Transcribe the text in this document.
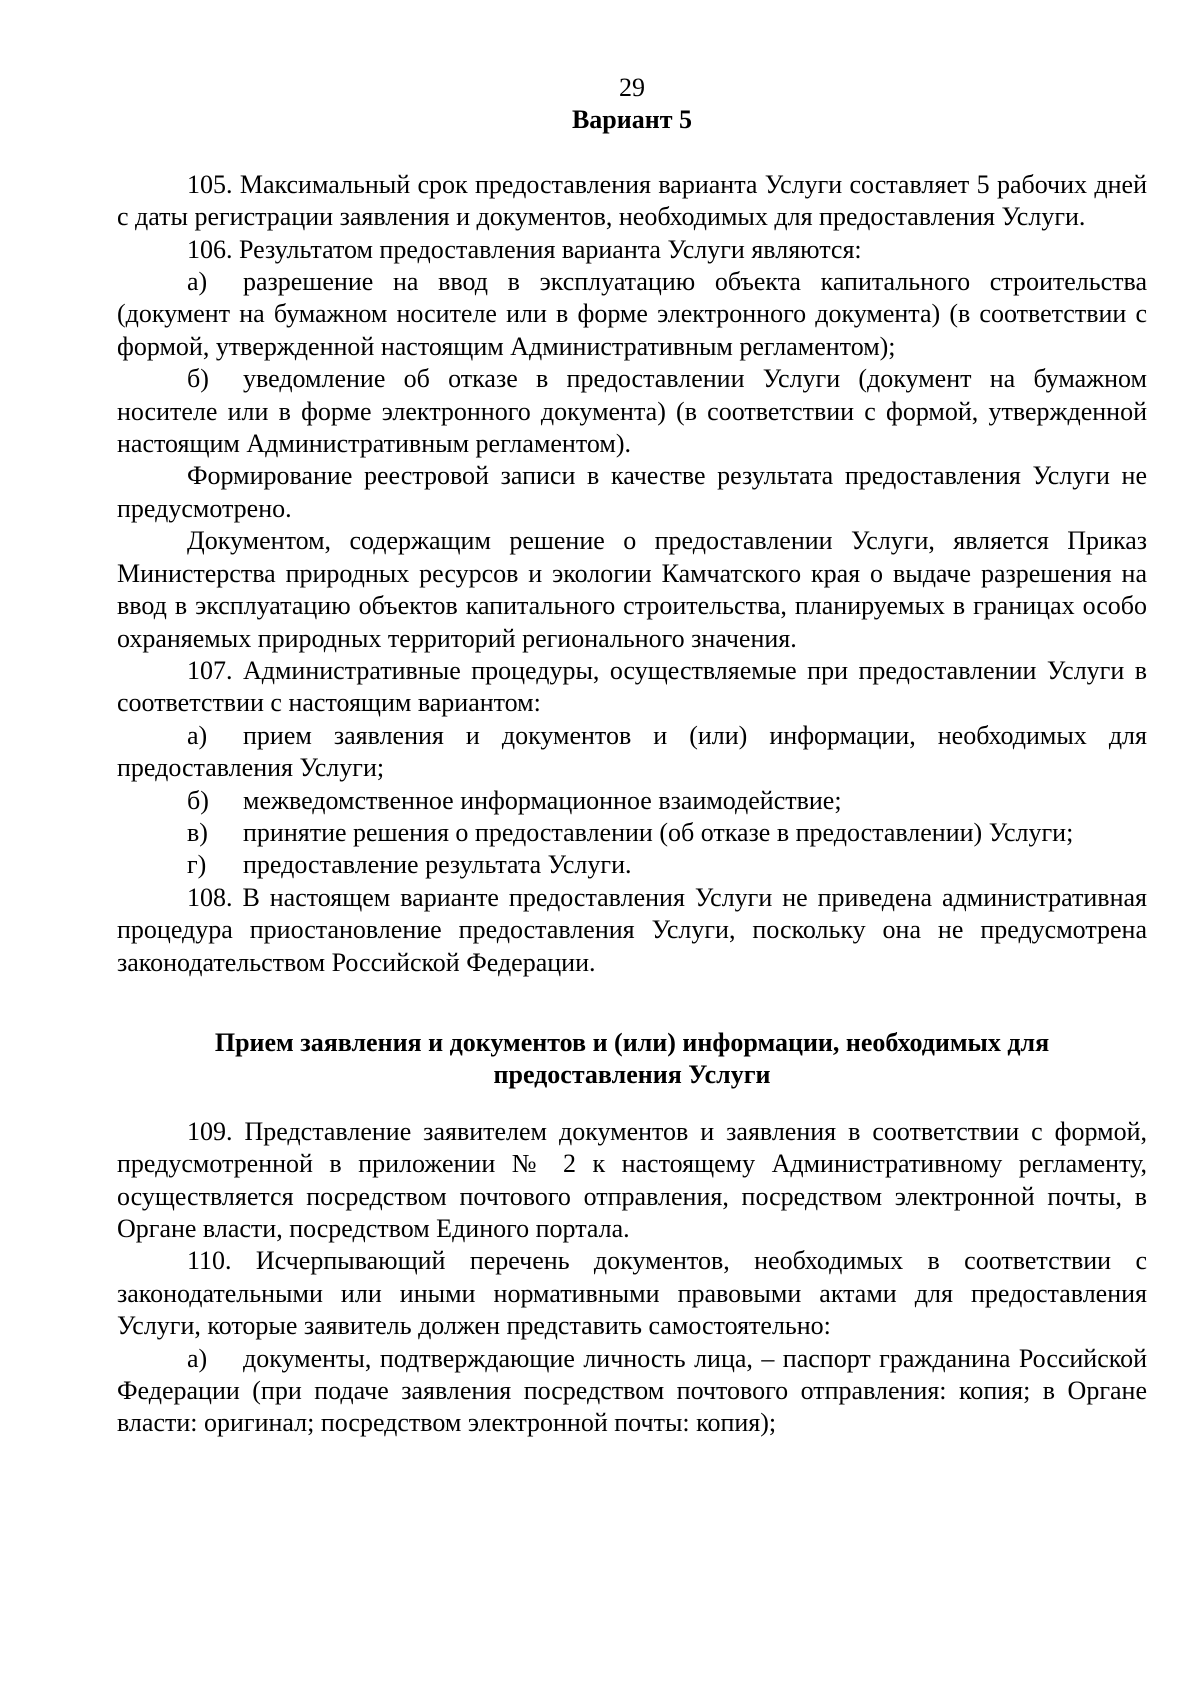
29

Вариант 5

105. Максимальный срок предоставления варианта Услуги составляет 5 рабочих дней с даты регистрации заявления и документов, необходимых для предоставления Услуги.

106. Результатом предоставления варианта Услуги являются:

а) разрешение на ввод в эксплуатацию объекта капитального строительства (документ на бумажном носителе или в форме электронного документа) (в соответствии с формой, утвержденной настоящим Административным регламентом);

б) уведомление об отказе в предоставлении Услуги (документ на бумажном носителе или в форме электронного документа) (в соответствии с формой, утвержденной настоящим Административным регламентом).

Формирование реестровой записи в качестве результата предоставления Услуги не предусмотрено.

Документом, содержащим решение о предоставлении Услуги, является Приказ Министерства природных ресурсов и экологии Камчатского края о выдаче разрешения на ввод в эксплуатацию объектов капитального строительства, планируемых в границах особо охраняемых природных территорий регионального значения.

107. Административные процедуры, осуществляемые при предоставлении Услуги в соответствии с настоящим вариантом:

а) прием заявления и документов и (или) информации, необходимых для предоставления Услуги;

б) межведомственное информационное взаимодействие;

в) принятие решения о предоставлении (об отказе в предоставлении) Услуги;

г) предоставление результата Услуги.

108. В настоящем варианте предоставления Услуги не приведена административная процедура приостановление предоставления Услуги, поскольку она не предусмотрена законодательством Российской Федерации.

Прием заявления и документов и (или) информации, необходимых для предоставления Услуги

109. Представление заявителем документов и заявления в соответствии с формой, предусмотренной в приложении № 2 к настоящему Административному регламенту, осуществляется посредством почтового отправления, посредством электронной почты, в Органе власти, посредством Единого портала.

110. Исчерпывающий перечень документов, необходимых в соответствии с законодательными или иными нормативными правовыми актами для предоставления Услуги, которые заявитель должен представить самостоятельно:

а) документы, подтверждающие личность лица, – паспорт гражданина Российской Федерации (при подаче заявления посредством почтового отправления: копия; в Органе власти: оригинал; посредством электронной почты: копия);
